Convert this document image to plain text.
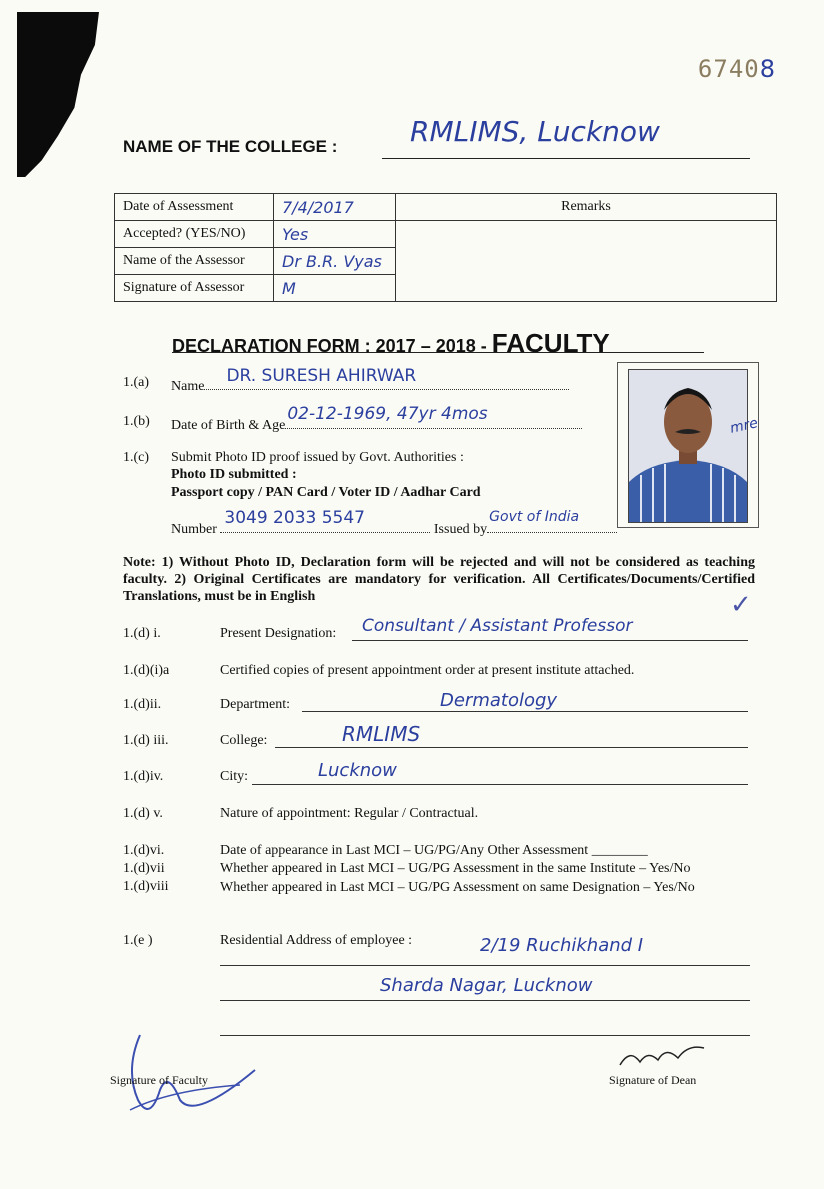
67408
NAME OF THE COLLEGE :	RMLIMS, Lucknow
Date of Assessment	7/4/2017	Remarks
Accepted? (YES/NO)	Yes	
Name of the Assessor	Dr B.R. Vyas	
Signature of Assessor	M	
DECLARATION FORM : 2017 – 2018 - FACULTY
1.(a) Name
DR. SURESH AHIRWAR
1.(b) Date of Birth & Age
02-12-1969, 47yr 4mos
1.(c) Submit Photo ID proof issued by Govt. Authorities :
Photo ID submitted :
Passport copy / PAN Card / Voter ID / Aadhar Card
Number
3049 2033 5547
Issued by
Govt of India
mre
Note: 1) Without Photo ID, Declaration form will be rejected and will not be considered as teaching faculty. 2) Original Certificates are mandatory for verification. All Certificates/Documents/Certified Translations, must be in English	✓
1.(d) i.	Present Designation: Consultant / Assistant Professor
1.(d)(i)a	Certified copies of present appointment order at present institute attached.
1.(d)ii.	Department:	Dermatology
1.(d) iii.	College:	RMLIMS
1.(d)iv.	City:	Lucknow
1.(d) v.	Nature of appointment: Regular / Contractual.
1.(d)vi.	Date of appearance in Last MCI – UG/PG/Any Other Assessment ________
1.(d)vii	Whether appeared in Last MCI – UG/PG Assessment in the same Institute – Yes/No
1.(d)viii	Whether appeared in Last MCI – UG/PG Assessment on same Designation – Yes/No
1.(e )	Residential Address of employee :	2/19 Ruchikhand I
Sharda Nagar, Lucknow
Signature of Faculty	Signature of Dean
